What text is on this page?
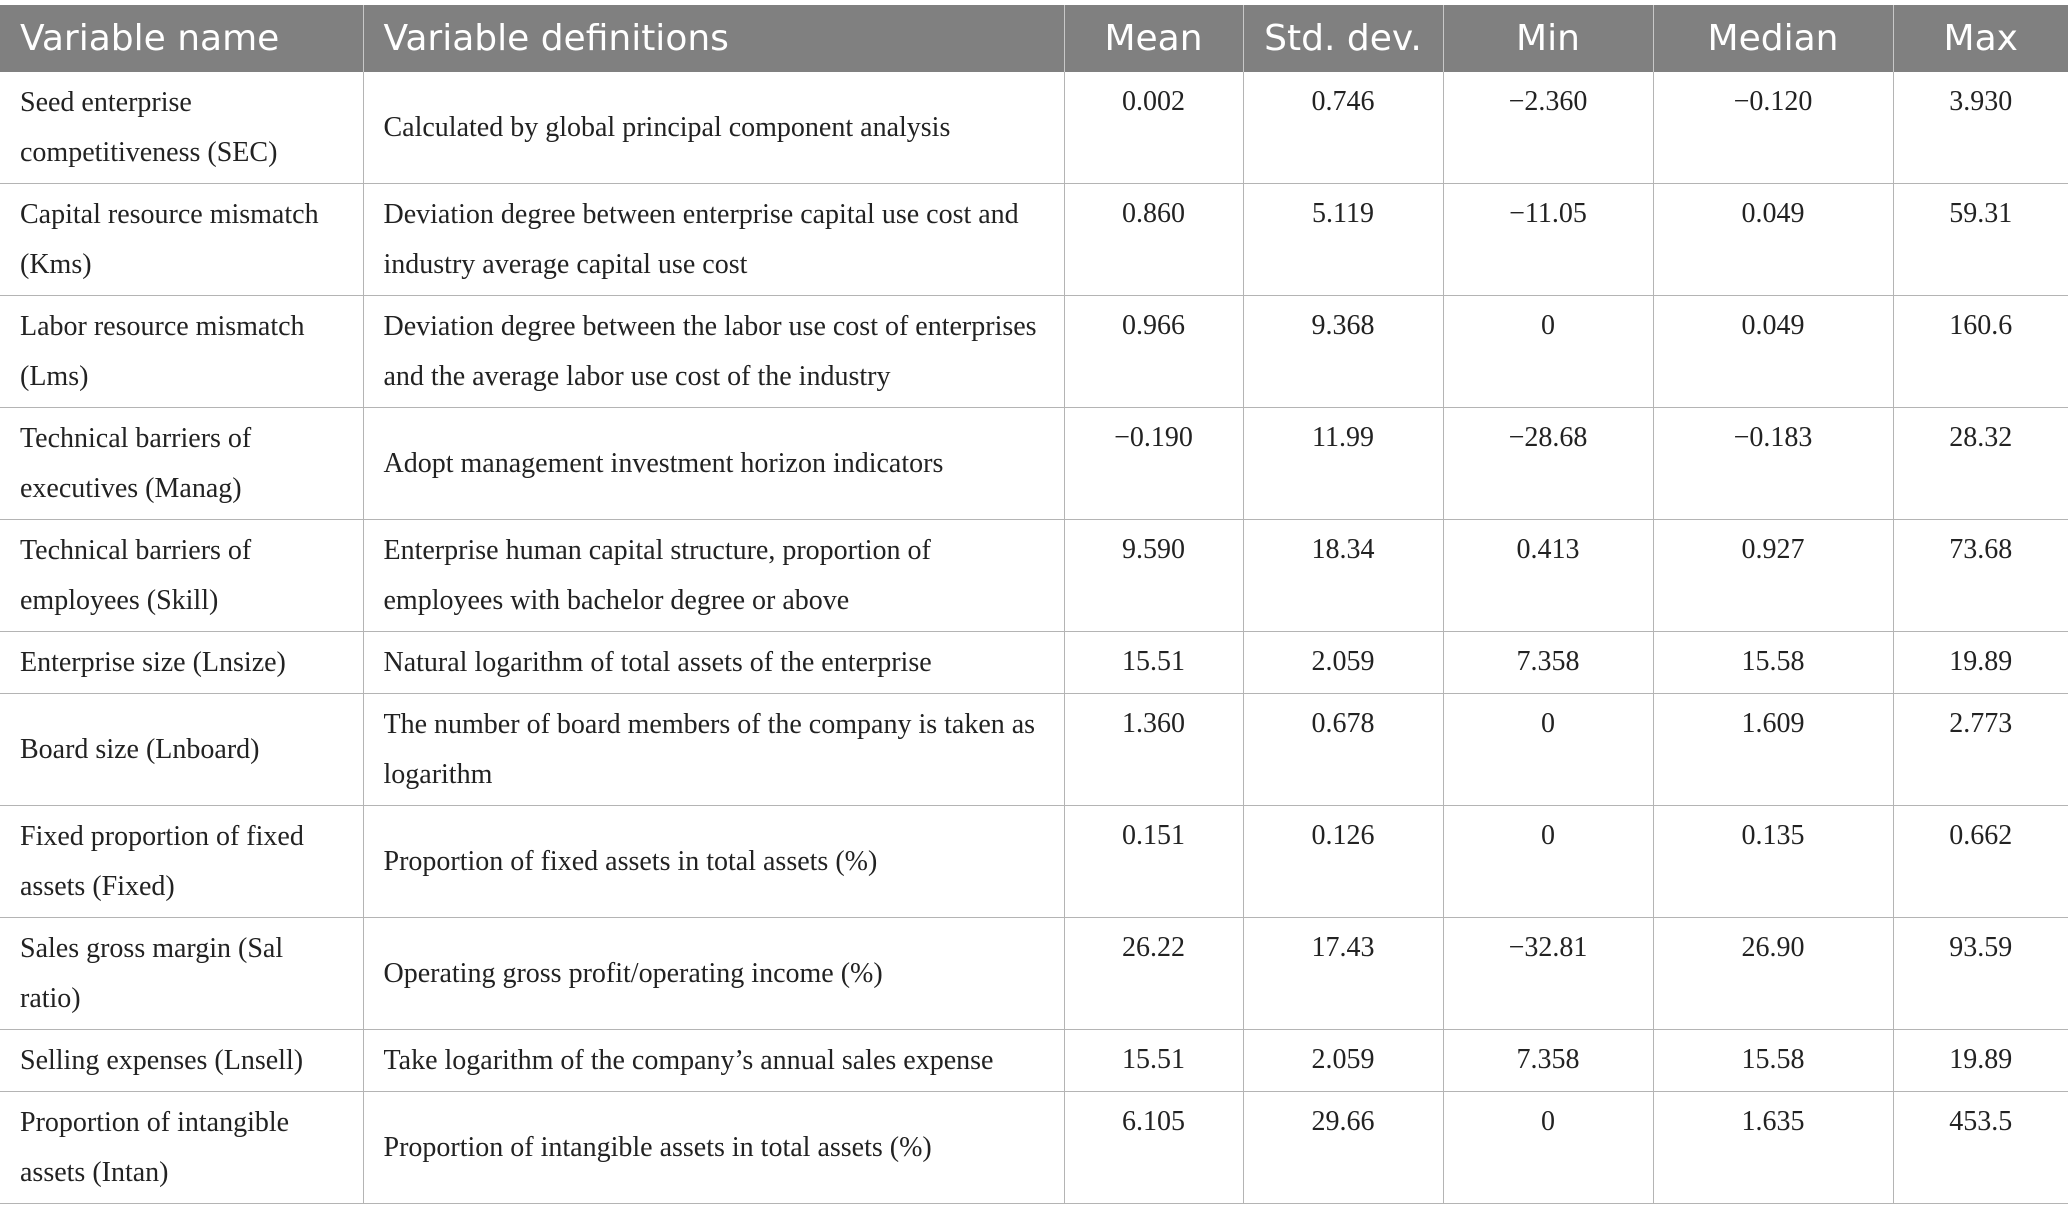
Variable name	Variable definitions	Mean	Std. dev.	Min	Median	Max
Seed enterprise competitiveness (SEC)	Calculated by global principal component analysis	0.002	0.746	−2.360	−0.120	3.930
Capital resource mismatch (Kms)	Deviation degree between enterprise capital use cost and industry average capital use cost	0.860	5.119	−11.05	0.049	59.31
Labor resource mismatch (Lms)	Deviation degree between the labor use cost of enterprises and the average labor use cost of the industry	0.966	9.368	0	0.049	160.6
Technical barriers of executives (Manag)	Adopt management investment horizon indicators	−0.190	11.99	−28.68	−0.183	28.32
Technical barriers of employees (Skill)	Enterprise human capital structure, proportion of employees with bachelor degree or above	9.590	18.34	0.413	0.927	73.68
Enterprise size (Lnsize)	Natural logarithm of total assets of the enterprise	15.51	2.059	7.358	15.58	19.89
Board size (Lnboard)	The number of board members of the company is taken as logarithm	1.360	0.678	0	1.609	2.773
Fixed proportion of fixed assets (Fixed)	Proportion of fixed assets in total assets (%)	0.151	0.126	0	0.135	0.662
Sales gross margin (Sal ratio)	Operating gross profit/operating income (%)	26.22	17.43	−32.81	26.90	93.59
Selling expenses (Lnsell)	Take logarithm of the company’s annual sales expense	15.51	2.059	7.358	15.58	19.89
Proportion of intangible assets (Intan)	Proportion of intangible assets in total assets (%)	6.105	29.66	0	1.635	453.5
